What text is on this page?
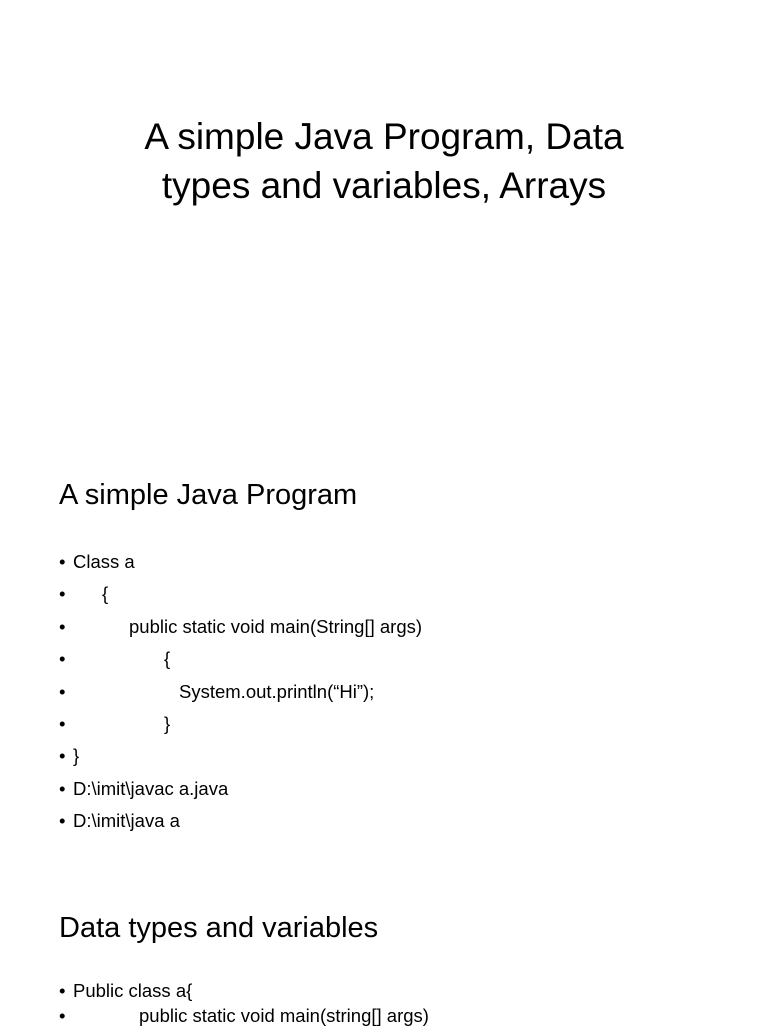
A simple Java Program, Data
types and variables, Arrays
A simple Java Program
• Class a
• {
•	public static void main(String[] args)
•	{
•	System.out.println(“Hi”);
•	}
• }
• D:\imit\javac a.java
• D:\imit\java a
Data types and variables
• Public class a{
•	public static void main(string[] args)
